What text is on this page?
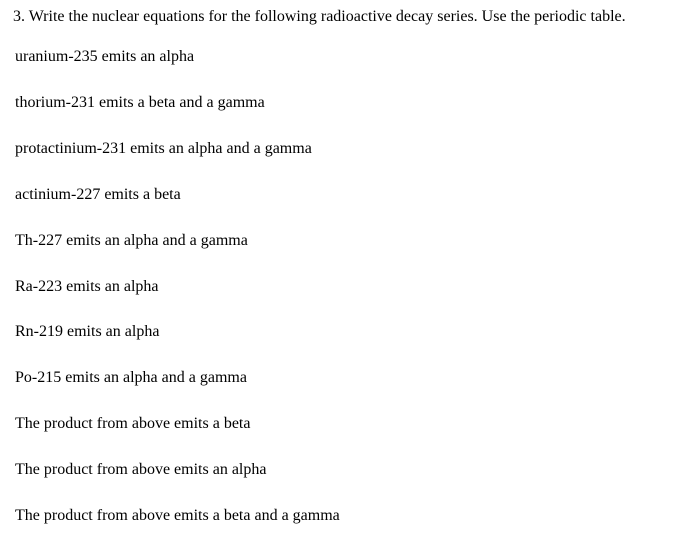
3. Write the nuclear equations for the following radioactive decay series. Use the periodic table.
uranium-235 emits an alpha
thorium-231 emits a beta and a gamma
protactinium-231 emits an alpha and a gamma
actinium-227 emits a beta
Th-227 emits an alpha and a gamma
Ra-223 emits an alpha
Rn-219 emits an alpha
Po-215 emits an alpha and a gamma
The product from above emits a beta
The product from above emits an alpha
The product from above emits a beta and a gamma
